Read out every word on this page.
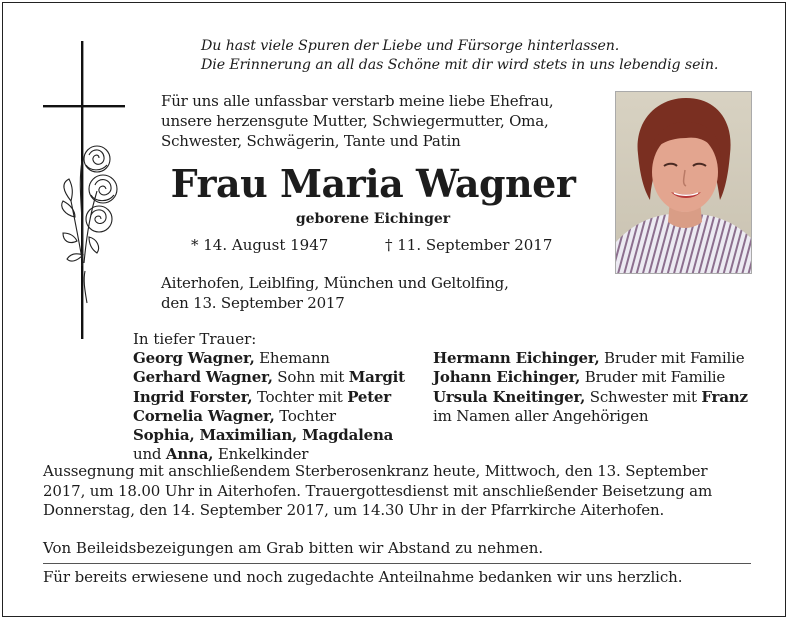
Du hast viele Spuren der Liebe und Fürsorge hinterlassen.
Die Erinnerung an all das Schöne mit dir wird stets in uns lebendig sein.
Für uns alle unfassbar verstarb meine liebe Ehefrau,
unsere herzensgute Mutter, Schwiegermutter, Oma,
Schwester, Schwägerin, Tante und Patin
Frau Maria Wagner
geborene Eichinger
* 14. August 1947	† 11. September 2017
Aiterhofen, Leiblfing, München und Geltolfing,
den 13. September 2017
In tiefer Trauer:
Georg Wagner, Ehemann
Gerhard Wagner, Sohn mit Margit
Ingrid Forster, Tochter mit Peter
Cornelia Wagner, Tochter
Sophia, Maximilian, Magdalena
und Anna, Enkelkinder
Hermann Eichinger, Bruder mit Familie
Johann Eichinger, Bruder mit Familie
Ursula Kneitinger, Schwester mit Franz
im Namen aller Angehörigen
Aussegnung mit anschließendem Sterberosenkranz heute, Mittwoch, den 13. September
2017, um 18.00 Uhr in Aiterhofen. Trauergottesdienst mit anschließender Beisetzung am
Donnerstag, den 14. September 2017, um 14.30 Uhr in der Pfarrkirche Aiterhofen.
Von Beileidsbezeigungen am Grab bitten wir Abstand zu nehmen.
Für bereits erwiesene und noch zugedachte Anteilnahme bedanken wir uns herzlich.
